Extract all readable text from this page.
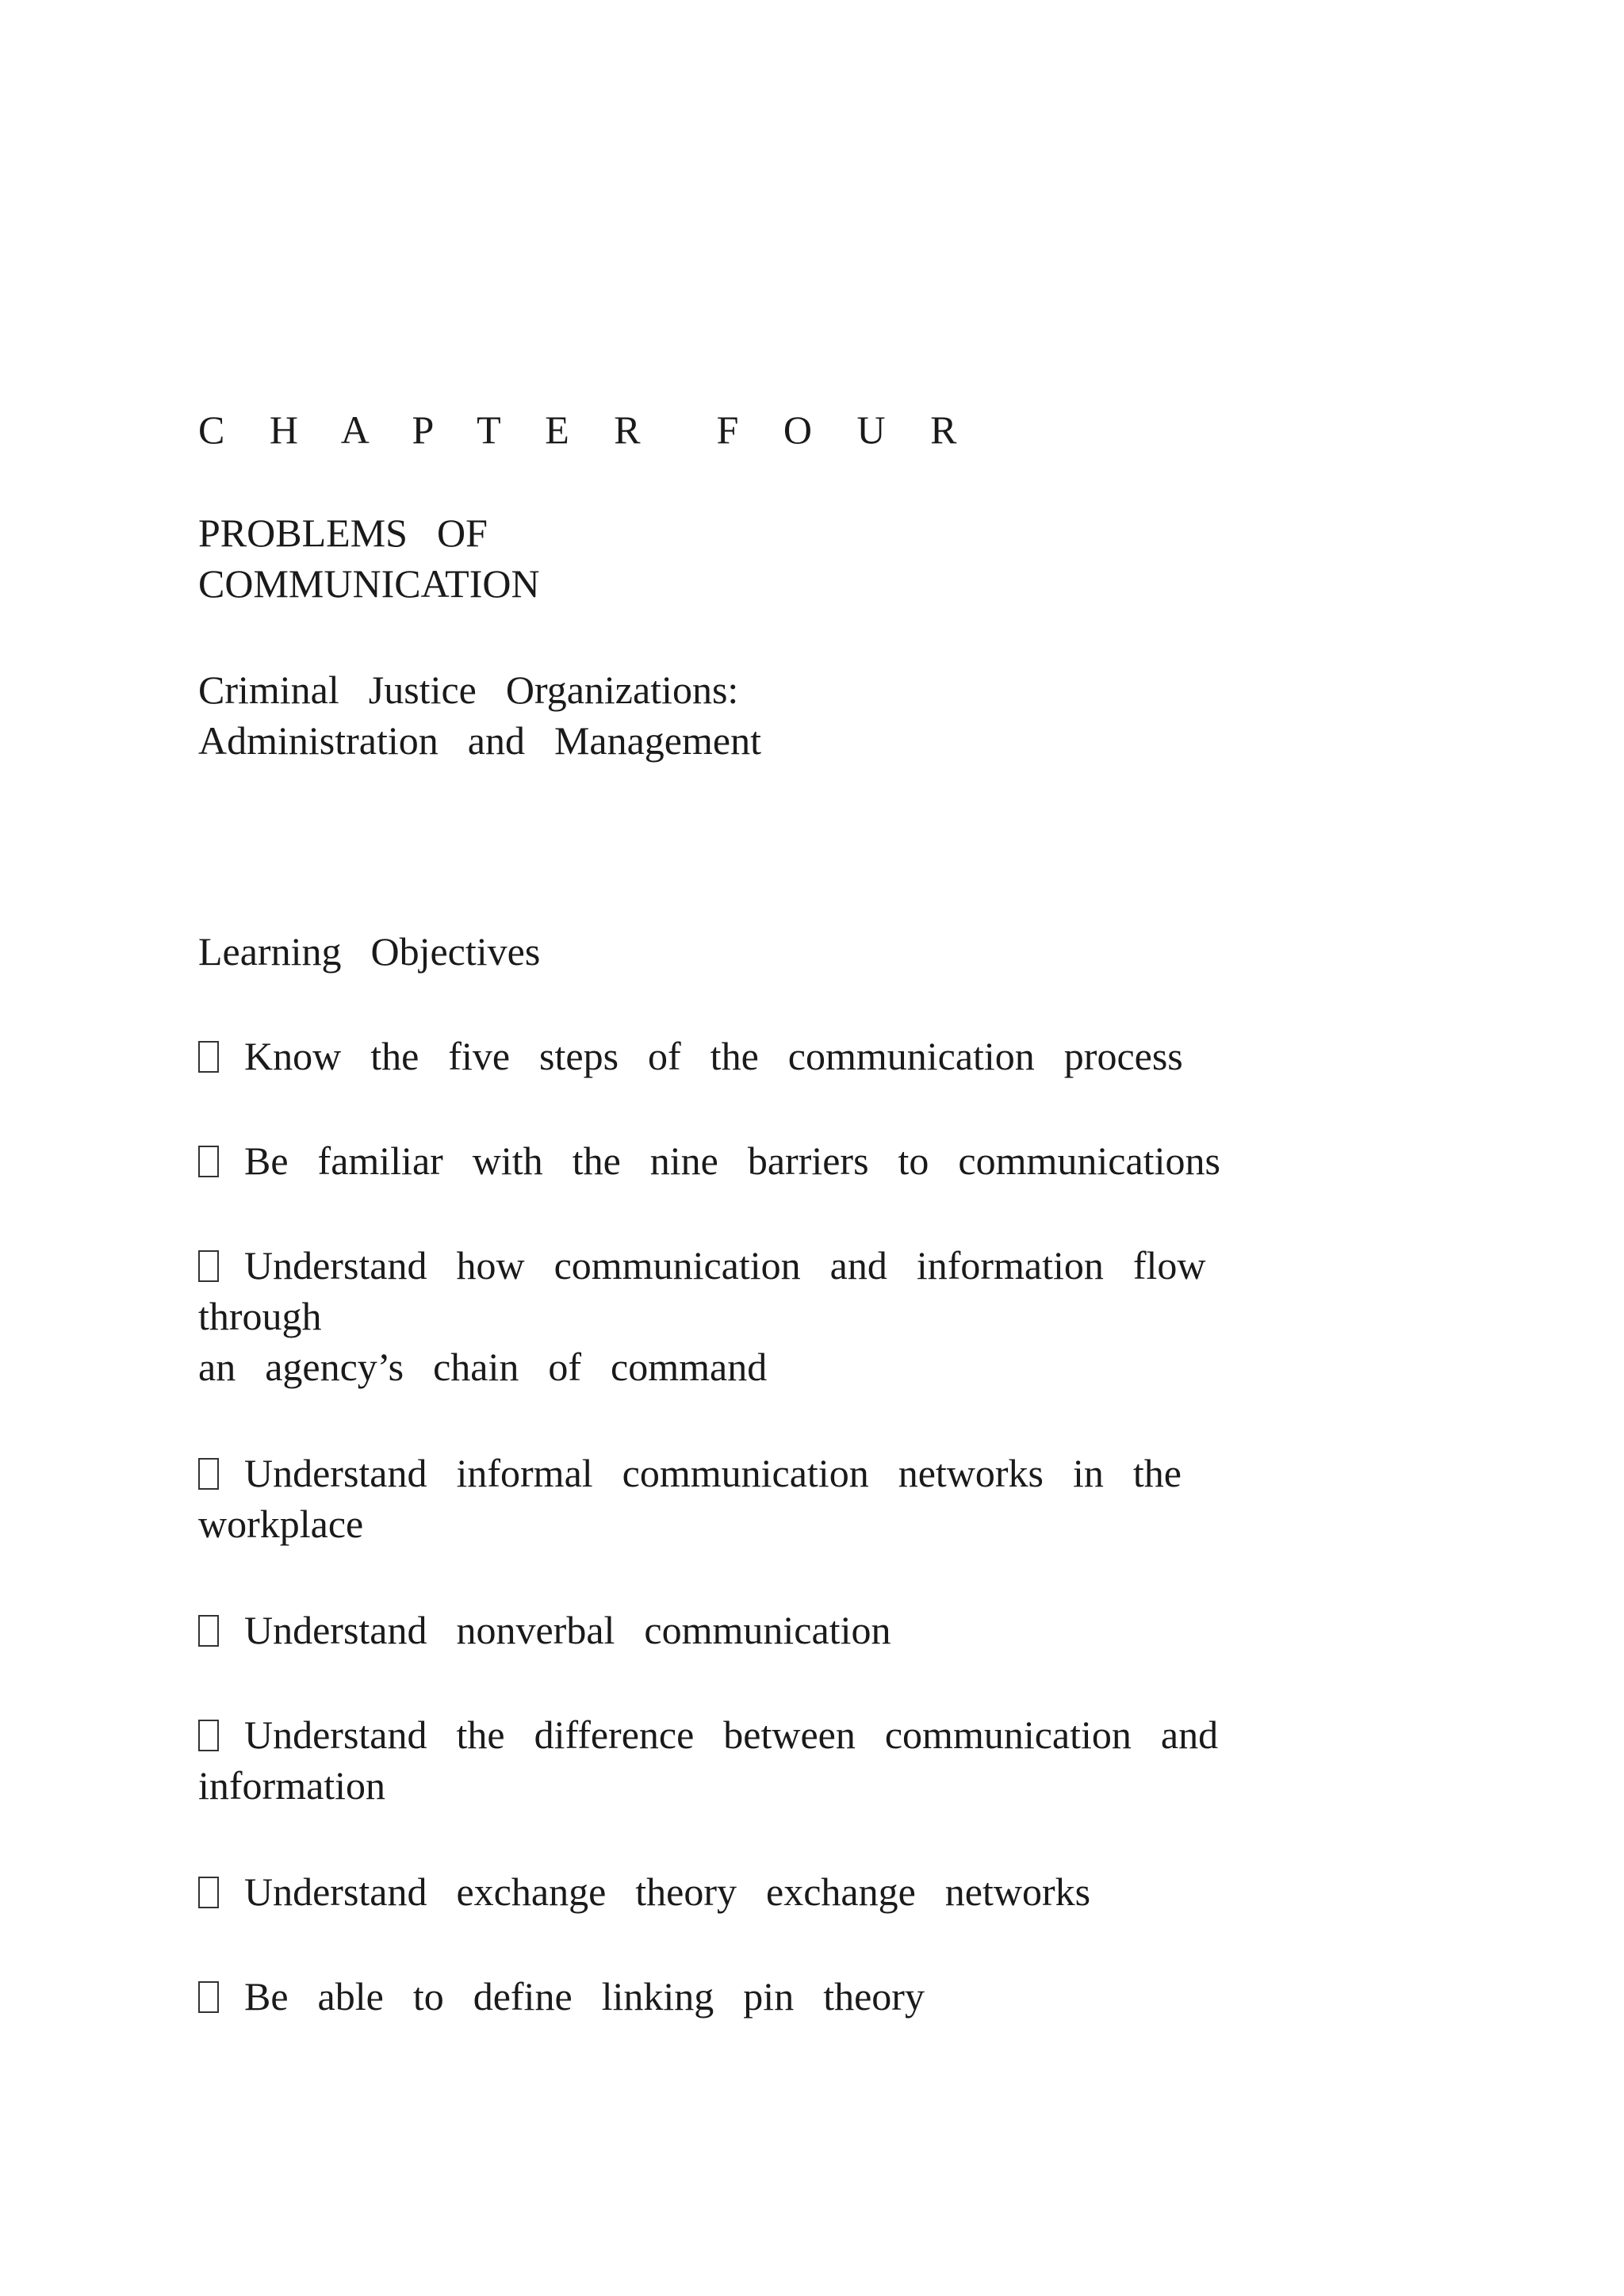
C H A P T E R  F O U R

PROBLEMS  OF

COMMUNICATION

Criminal  Justice  Organizations:

Administration  and  Management

Learning  Objectives

Know  the  five  steps  of  the  communication  process

Be  familiar  with  the  nine  barriers  to  communications

Understand  how  communication  and  information  flow

through

an  agency’s  chain  of  command

Understand  informal  communication  networks  in  the

workplace

Understand  nonverbal  communication

Understand  the  difference  between  communication  and

information

Understand  exchange  theory  exchange  networks

Be  able  to  define  linking  pin  theory
